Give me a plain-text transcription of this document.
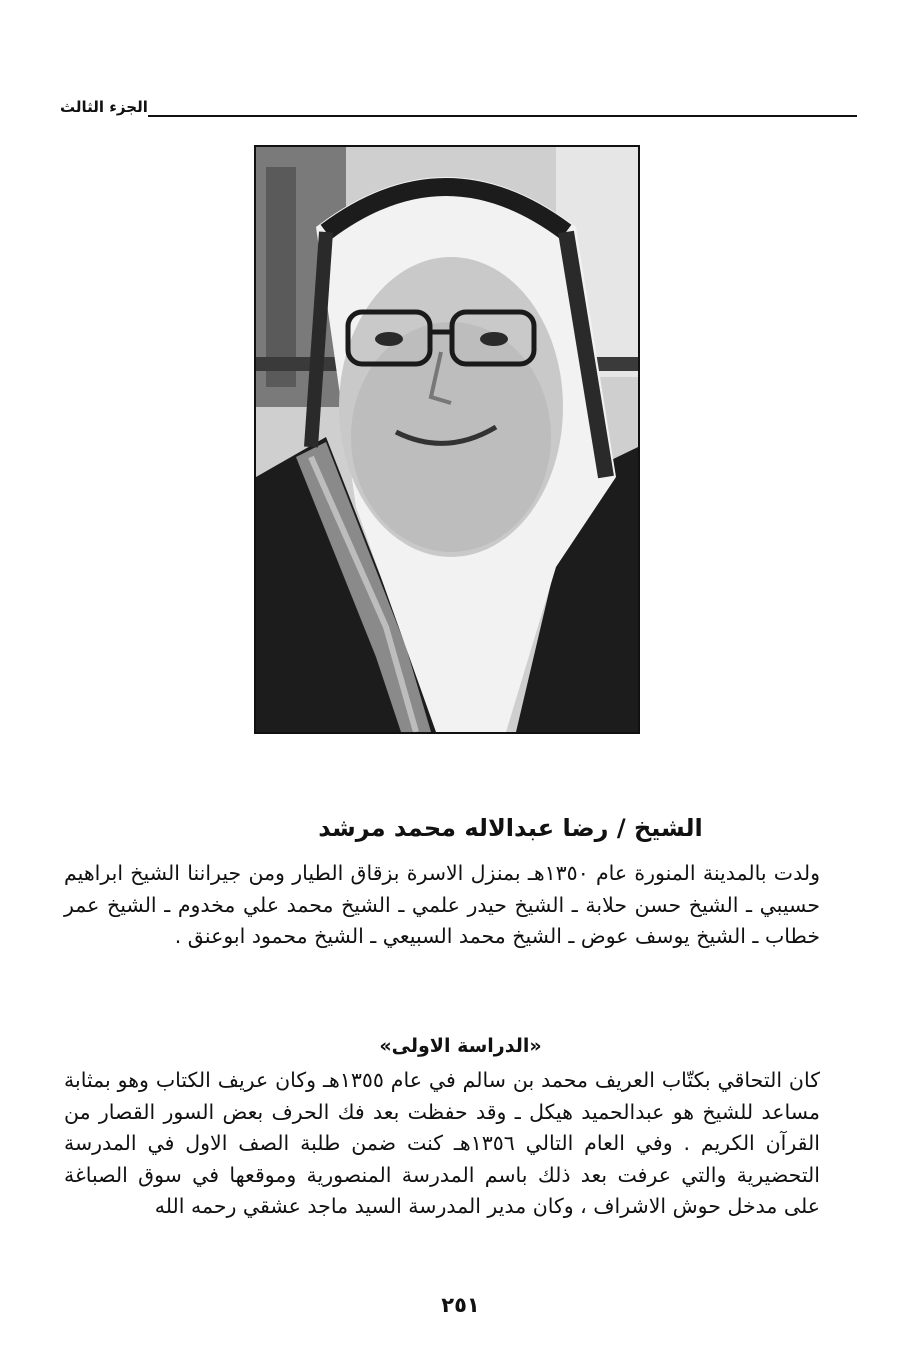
الجزء الثالث
الشيخ / رضا عبدالاله محمد مرشد

ولدت بالمدينة المنورة عام ١٣٥٠هـ بمنزل الاسرة بزقاق الطيار ومن جيراننا الشيخ ابراهيم حسيبي ـ الشيخ حسن حلابة ـ الشيخ حيدر علمي ـ الشيخ محمد علي مخدوم ـ الشيخ عمر خطاب ـ الشيخ يوسف عوض ـ الشيخ محمد السبيعي ـ الشيخ محمود ابوعنق .

«الدراسة الاولى»

كان التحاقي بكتّاب العريف محمد بن سالم في عام ١٣٥٥هـ وكان عريف الكتاب وهو بمثابة مساعد للشيخ هو عبدالحميد هيكل ـ وقد حفظت بعد فك الحرف بعض السور القصار من القرآن الكريم . وفي العام التالي ١٣٥٦هـ كنت ضمن طلبة الصف الاول في المدرسة التحضيرية والتي عرفت بعد ذلك باسم المدرسة المنصورية وموقعها في سوق الصباغة على مدخل حوش الاشراف ، وكان مدير المدرسة السيد ماجد عشقي رحمه الله

٢٥١
